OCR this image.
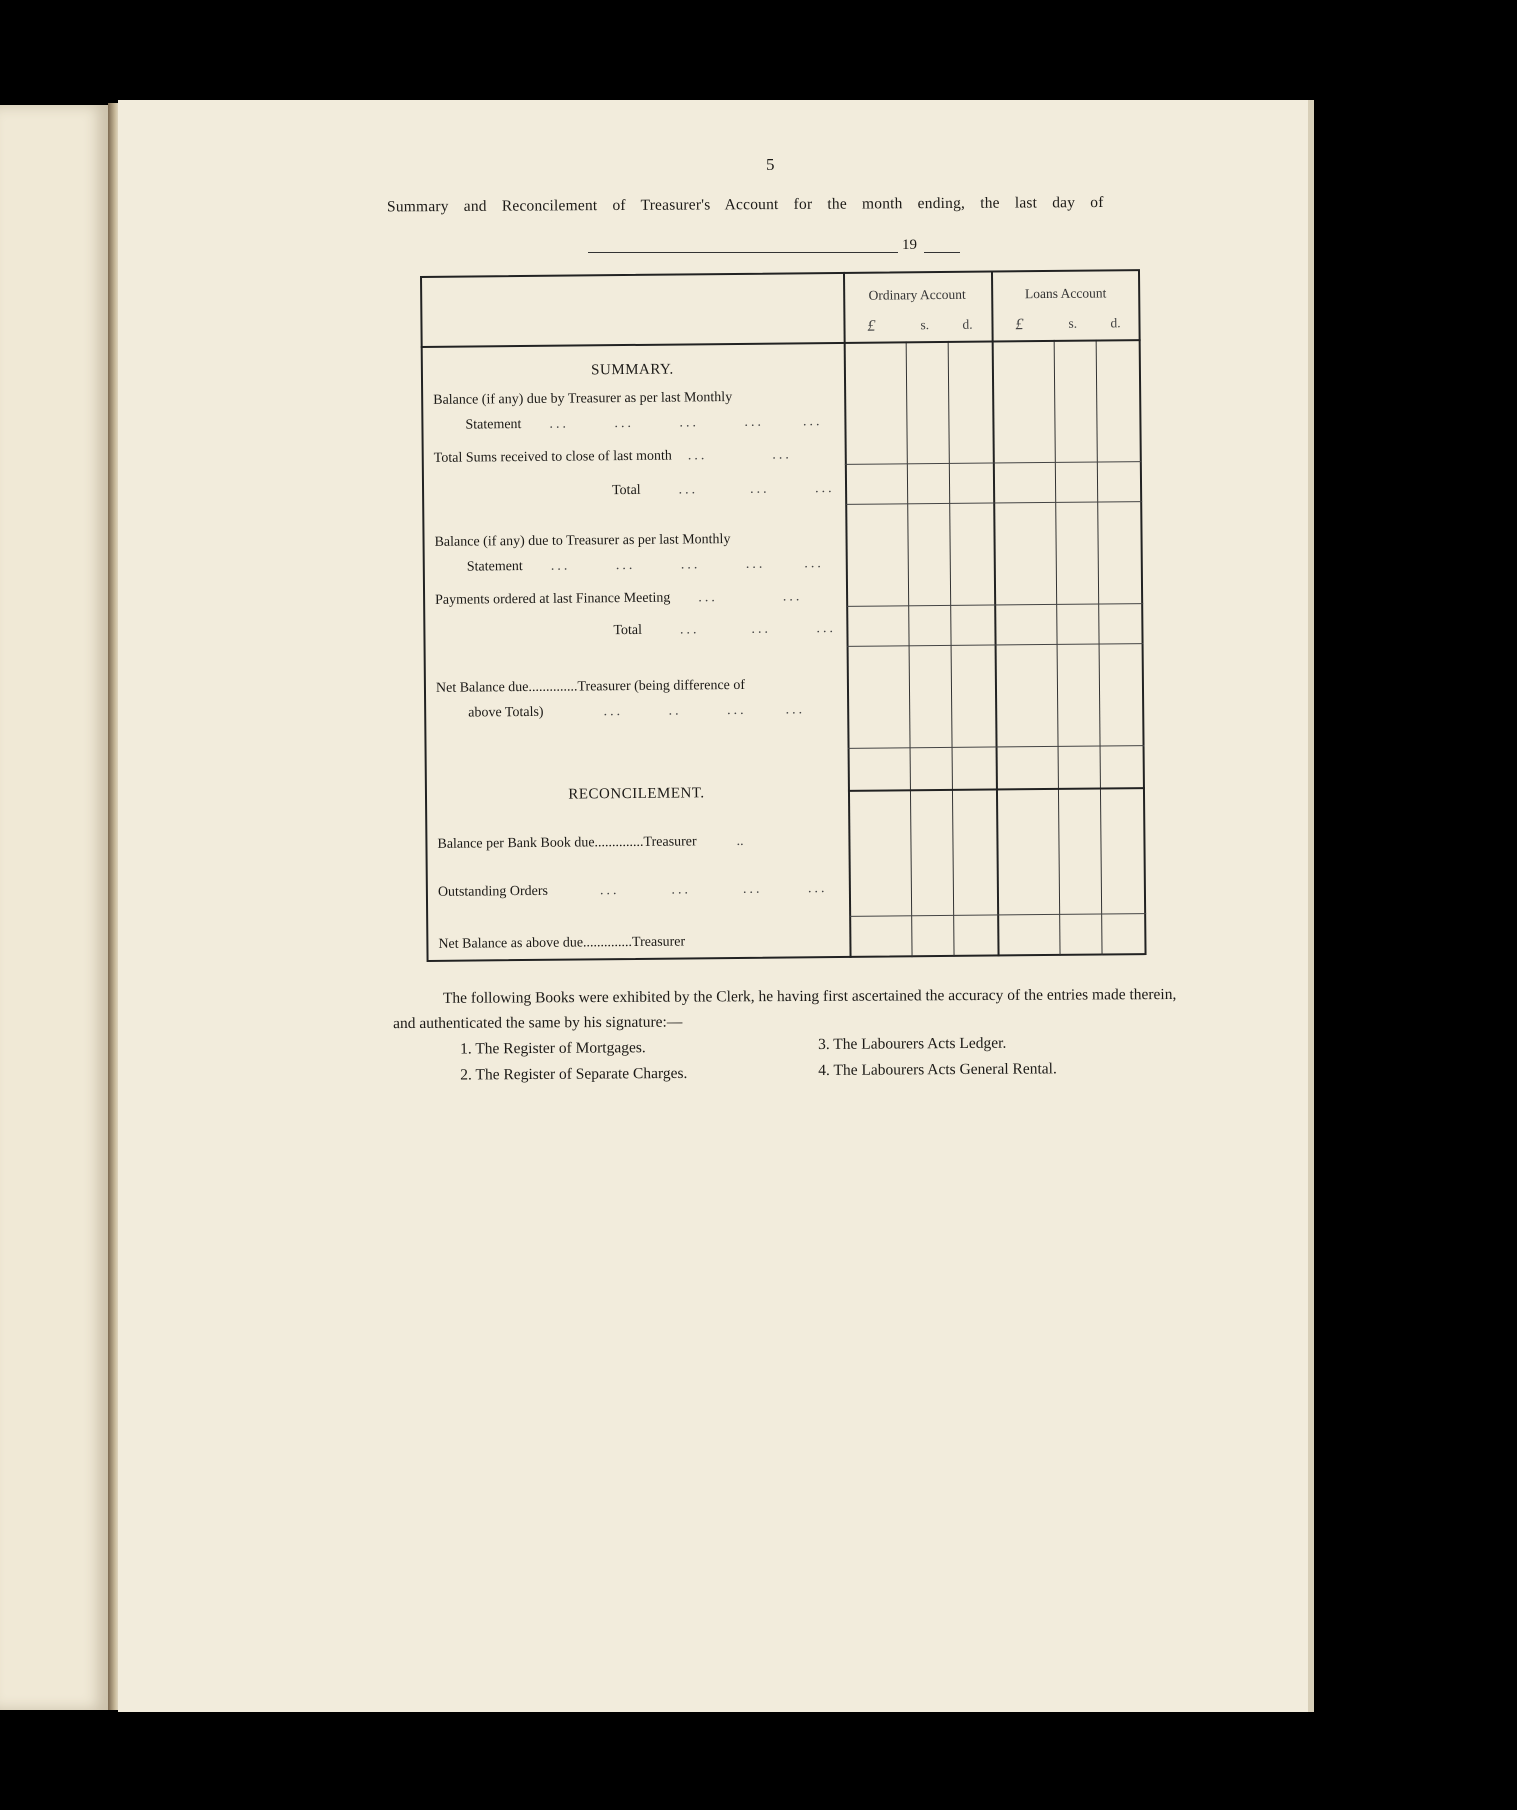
5
Summary and Reconcilement of Treasurer's Account for the month ending, the last day of
19
Ordinary Account	Loans Account
£	s. d.	£	s. d.
SUMMARY.
Balance (if any) due by Treasurer as per last Monthly
Statement ...       ...       ...       ...      ...
Total Sums received to close of last month ...          ...
Total	...        ...       ...
Balance (if any) due to Treasurer as per last Monthly
Statement ...       ...       ...       ...      ...
Payments ordered at last Finance Meeting ...          ...
Total	...        ...       ...
Net Balance due..............Treasurer (being difference of
above Totals)	...       ..       ...      ...
RECONCILEMENT.
Balance per Bank Book due..............Treasurer	..
Outstanding Orders	...        ...        ...       ...
Net Balance as above due..............Treasurer

The following Books were exhibited by the Clerk, he having first ascertained the accuracy of the entries made therein, and authenticated the same by his signature:—

1. The Register of Mortgages.
2. The Register of Separate Charges.
3. The Labourers Acts Ledger.
4. The Labourers Acts General Rental.
